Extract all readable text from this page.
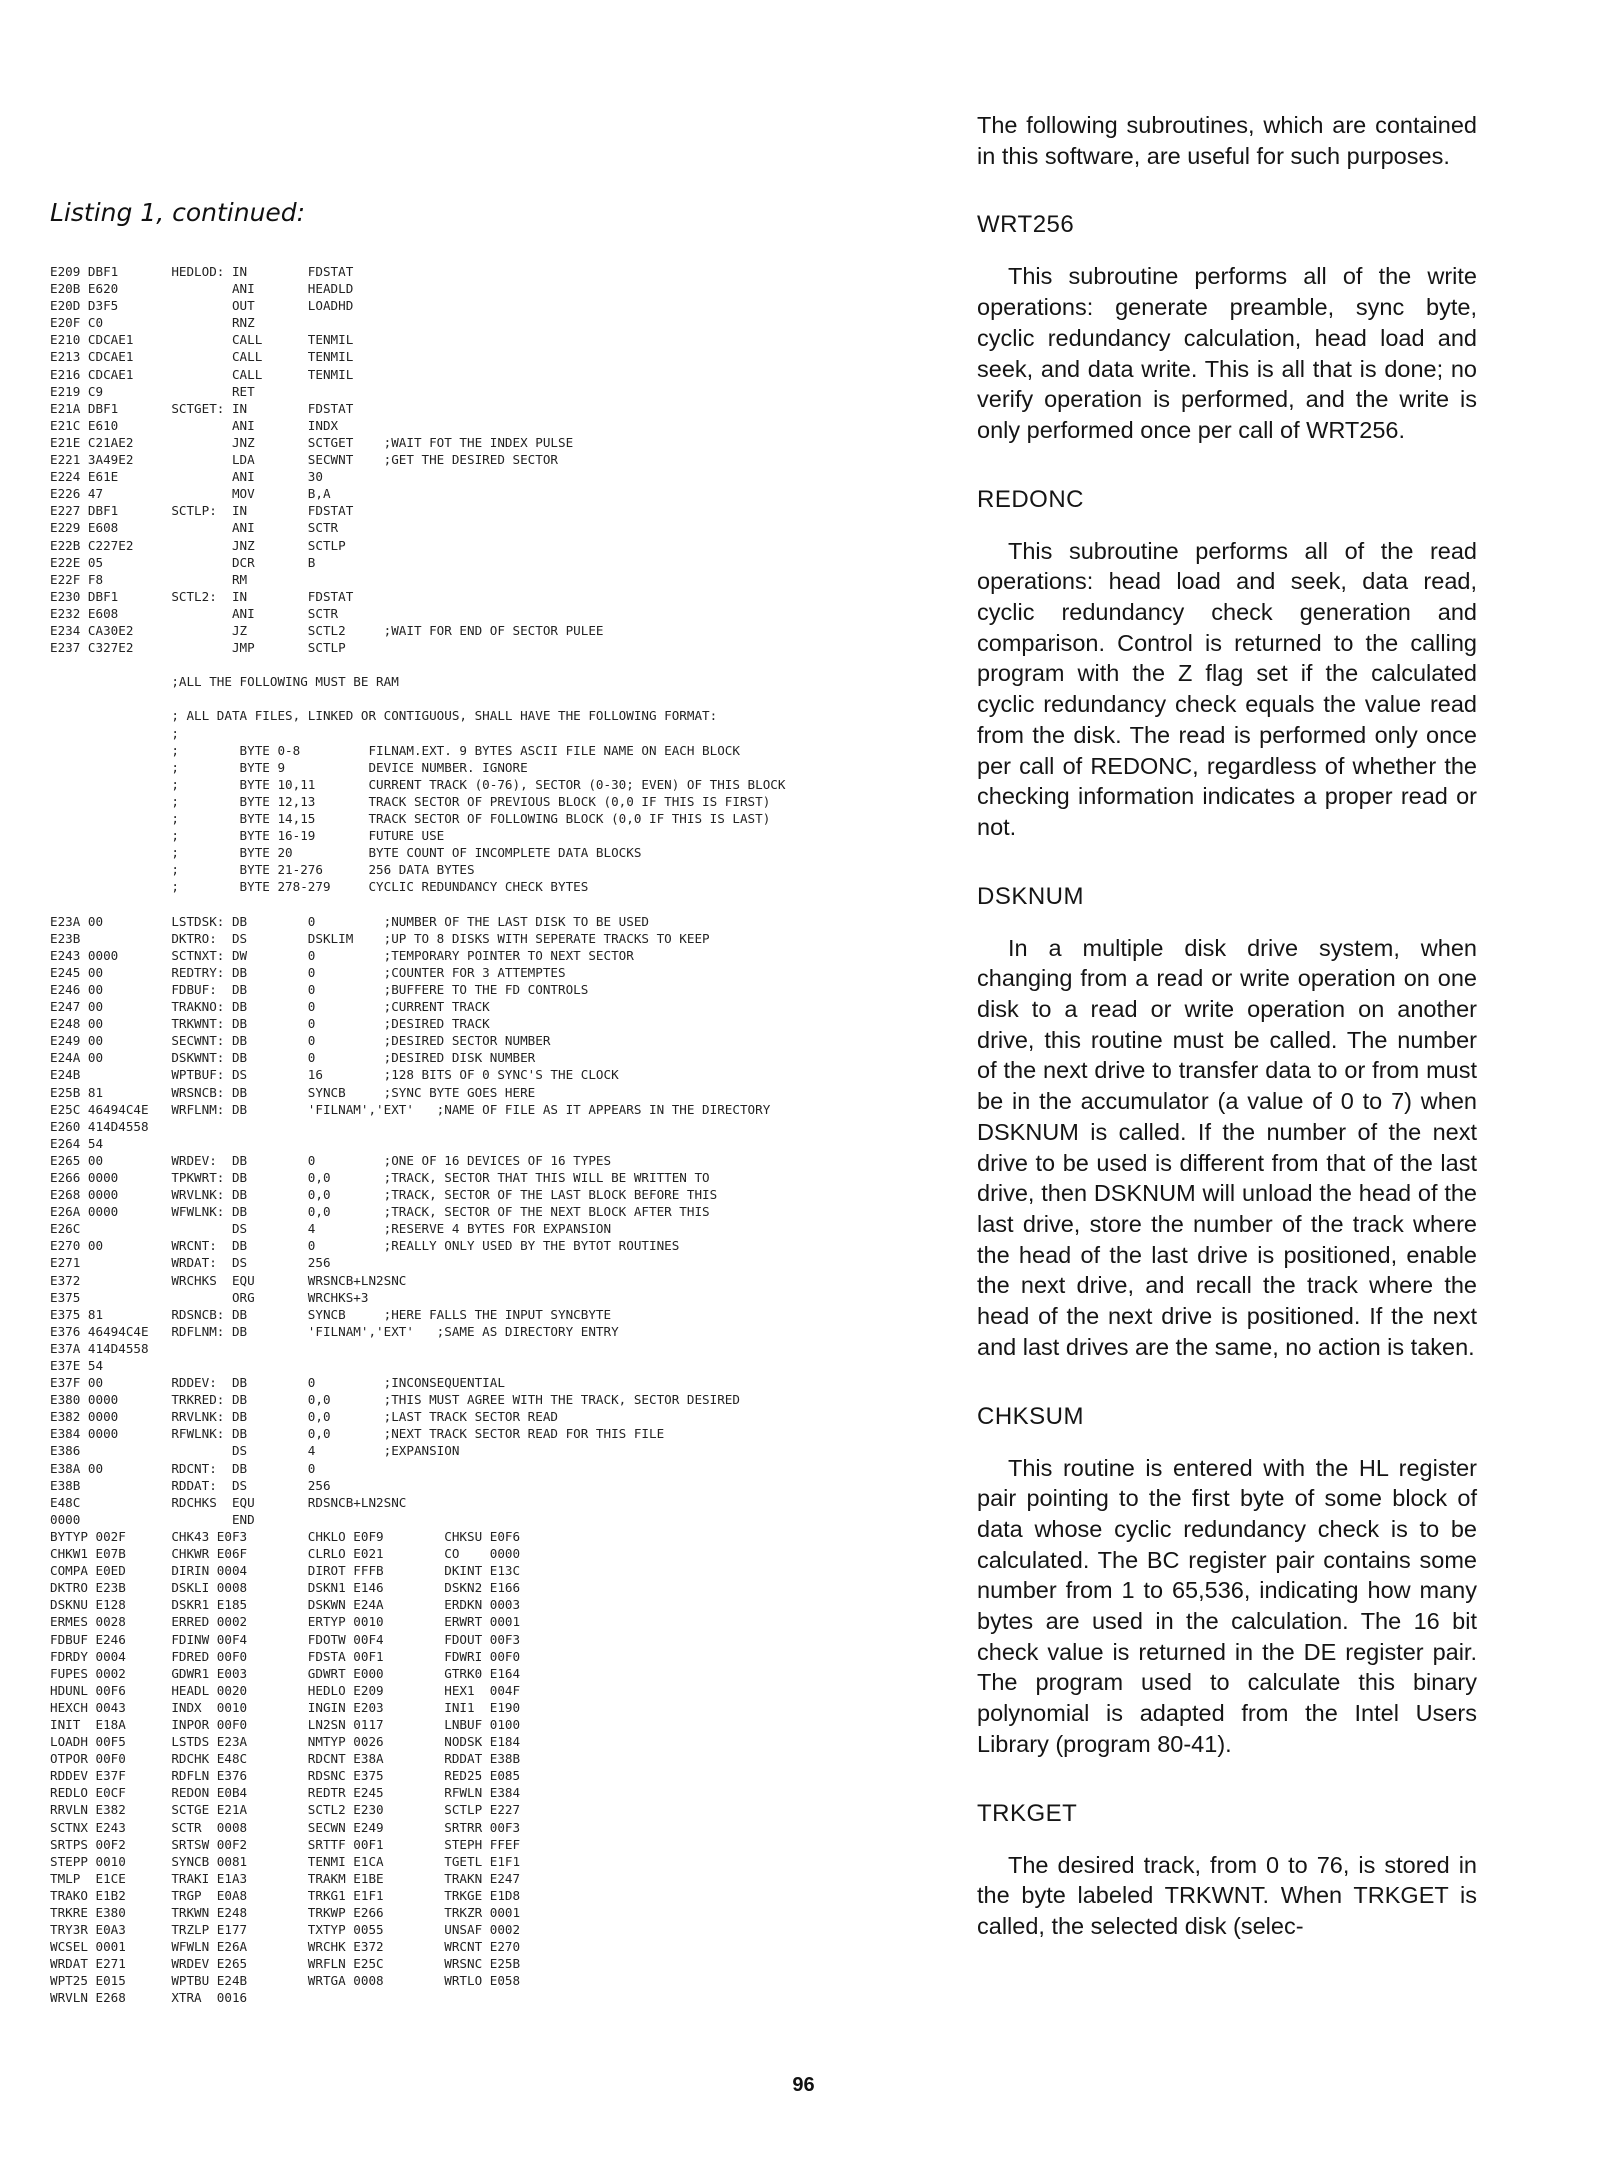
Listing 1, continued:
E209 DBF1       HEDLOD: IN        FDSTAT
E20B E620               ANI       HEADLD
E20D D3F5               OUT       LOADHD
E20F C0                 RNZ
E210 CDCAE1             CALL      TENMIL
E213 CDCAE1             CALL      TENMIL
E216 CDCAE1             CALL      TENMIL
E219 C9                 RET
E21A DBF1       SCTGET: IN        FDSTAT
E21C E610               ANI       INDX
E21E C21AE2             JNZ       SCTGET    ;WAIT FOT THE INDEX PULSE
E221 3A49E2             LDA       SECWNT    ;GET THE DESIRED SECTOR
E224 E61E               ANI       30
E226 47                 MOV       B,A
E227 DBF1       SCTLP:  IN        FDSTAT
E229 E608               ANI       SCTR
E22B C227E2             JNZ       SCTLP
E22E 05                 DCR       B
E22F F8                 RM
E230 DBF1       SCTL2:  IN        FDSTAT
E232 E608               ANI       SCTR
E234 CA30E2             JZ        SCTL2     ;WAIT FOR END OF SECTOR PULEE
E237 C327E2             JMP       SCTLP
;ALL THE FOLLOWING MUST BE RAM
; ALL DATA FILES, LINKED OR CONTIGUOUS, SHALL HAVE THE FOLLOWING FORMAT:
;
;        BYTE 0-8         FILNAM.EXT. 9 BYTES ASCII FILE NAME ON EACH BLOCK
;        BYTE 9           DEVICE NUMBER. IGNORE
;        BYTE 10,11       CURRENT TRACK (0-76), SECTOR (0-30; EVEN) OF THIS BLOCK
;        BYTE 12,13       TRACK SECTOR OF PREVIOUS BLOCK (0,0 IF THIS IS FIRST)
;        BYTE 14,15       TRACK SECTOR OF FOLLOWING BLOCK (0,0 IF THIS IS LAST)
;        BYTE 16-19       FUTURE USE
;        BYTE 20          BYTE COUNT OF INCOMPLETE DATA BLOCKS
;        BYTE 21-276      256 DATA BYTES
;        BYTE 278-279     CYCLIC REDUNDANCY CHECK BYTES
E23A 00         LSTDSK: DB        0         ;NUMBER OF THE LAST DISK TO BE USED
E23B            DKTRO:  DS        DSKLIM    ;UP TO 8 DISKS WITH SEPERATE TRACKS TO KEEP
E243 0000       SCTNXT: DW        0         ;TEMPORARY POINTER TO NEXT SECTOR
E245 00         REDTRY: DB        0         ;COUNTER FOR 3 ATTEMPTES
E246 00         FDBUF:  DB        0         ;BUFFERE TO THE FD CONTROLS
E247 00         TRAKNO: DB        0         ;CURRENT TRACK
E248 00         TRKWNT: DB        0         ;DESIRED TRACK
E249 00         SECWNT: DB        0         ;DESIRED SECTOR NUMBER
E24A 00         DSKWNT: DB        0         ;DESIRED DISK NUMBER
E24B            WPTBUF: DS        16        ;128 BITS OF 0 SYNC'S THE CLOCK
E25B 81         WRSNCB: DB        SYNCB     ;SYNC BYTE GOES HERE
E25C 46494C4E   WRFLNM: DB        'FILNAM','EXT'   ;NAME OF FILE AS IT APPEARS IN THE DIRECTORY
E260 414D4558
E264 54
E265 00         WRDEV:  DB        0         ;ONE OF 16 DEVICES OF 16 TYPES
E266 0000       TPKWRT: DB        0,0       ;TRACK, SECTOR THAT THIS WILL BE WRITTEN TO
E268 0000       WRVLNK: DB        0,0       ;TRACK, SECTOR OF THE LAST BLOCK BEFORE THIS
E26A 0000       WFWLNK: DB        0,0       ;TRACK, SECTOR OF THE NEXT BLOCK AFTER THIS
E26C                    DS        4         ;RESERVE 4 BYTES FOR EXPANSION
E270 00         WRCNT:  DB        0         ;REALLY ONLY USED BY THE BYTOT ROUTINES
E271            WRDAT:  DS        256
E372            WRCHKS  EQU       WRSNCB+LN2SNC
E375                    ORG       WRCHKS+3
E375 81         RDSNCB: DB        SYNCB     ;HERE FALLS THE INPUT SYNCBYTE
E376 46494C4E   RDFLNM: DB        'FILNAM','EXT'   ;SAME AS DIRECTORY ENTRY
E37A 414D4558
E37E 54
E37F 00         RDDEV:  DB        0         ;INCONSEQUENTIAL
E380 0000       TRKRED: DB        0,0       ;THIS MUST AGREE WITH THE TRACK, SECTOR DESIRED
E382 0000       RRVLNK: DB        0,0       ;LAST TRACK SECTOR READ
E384 0000       RFWLNK: DB        0,0       ;NEXT TRACK SECTOR READ FOR THIS FILE
E386                    DS        4         ;EXPANSION
E38A 00         RDCNT:  DB        0
E38B            RDDAT:  DS        256
E48C            RDCHKS  EQU       RDSNCB+LN2SNC
0000                    END
BYTYP 002F      CHK43 E0F3        CHKLO E0F9        CHKSU E0F6
CHKW1 E07B      CHKWR E06F        CLRLO E021        CO    0000
COMPA E0ED      DIRIN 0004        DIROT FFFB        DKINT E13C
DKTRO E23B      DSKLI 0008        DSKN1 E146        DSKN2 E166
DSKNU E128      DSKR1 E185        DSKWN E24A        ERDKN 0003
ERMES 0028      ERRED 0002        ERTYP 0010        ERWRT 0001
FDBUF E246      FDINW 00F4        FDOTW 00F4        FDOUT 00F3
FDRDY 0004      FDRED 00F0        FDSTA 00F1        FDWRI 00F0
FUPES 0002      GDWR1 E003        GDWRT E000        GTRK0 E164
HDUNL 00F6      HEADL 0020        HEDLO E209        HEX1  004F
HEXCH 0043      INDX  0010        INGIN E203        INI1  E190
INIT  E18A      INPOR 00F0        LN2SN 0117        LNBUF 0100
LOADH 00F5      LSTDS E23A        NMTYP 0026        NODSK E184
OTPOR 00F0      RDCHK E48C        RDCNT E38A        RDDAT E38B
RDDEV E37F      RDFLN E376        RDSNC E375        RED25 E085
REDLO E0CF      REDON E0B4        REDTR E245        RFWLN E384
RRVLN E382      SCTGE E21A        SCTL2 E230        SCTLP E227
SCTNX E243      SCTR  0008        SECWN E249        SRTRR 00F3
SRTPS 00F2      SRTSW 00F2        SRTTF 00F1        STEPH FFEF
STEPP 0010      SYNCB 0081        TENMI E1CA        TGETL E1F1
TMLP  E1CE      TRAKI E1A3        TRAKM E1BE        TRAKN E247
TRAKO E1B2      TRGP  E0A8        TRKG1 E1F1        TRKGE E1D8
TRKRE E380      TRKWN E248        TRKWP E266        TRKZR 0001
TRY3R E0A3      TRZLP E177        TXTYP 0055        UNSAF 0002
WCSEL 0001      WFWLN E26A        WRCHK E372        WRCNT E270
WRDAT E271      WRDEV E265        WRFLN E25C        WRSNC E25B
WPT25 E015      WPTBU E24B        WRTGA 0008        WRTLO E058
WRVLN E268      XTRA  0016

The following subroutines, which are contained in this software, are useful for such purposes.

WRT256

This subroutine performs all of the write operations: generate preamble, sync byte, cyclic redundancy calculation, head load and seek, and data write. This is all that is done; no verify operation is performed, and the write is only performed once per call of WRT256.

REDONC

This subroutine performs all of the read operations: head load and seek, data read, cyclic redundancy check generation and comparison. Control is returned to the calling program with the Z flag set if the calculated cyclic redundancy check equals the value read from the disk. The read is performed only once per call of REDONC, regardless of whether the checking information indicates a proper read or not.

DSKNUM

In a multiple disk drive system, when changing from a read or write operation on one disk to a read or write operation on another drive, this routine must be called. The number of the next drive to transfer data to or from must be in the accumulator (a value of 0 to 7) when DSKNUM is called. If the number of the next drive to be used is different from that of the last drive, then DSKNUM will unload the head of the last drive, store the number of the track where the head of the last drive is positioned, enable the next drive, and recall the track where the head of the next drive is positioned. If the next and last drives are the same, no action is taken.

CHKSUM

This routine is entered with the HL register pair pointing to the first byte of some block of data whose cyclic redundancy check is to be calculated. The BC register pair contains some number from 1 to 65,536, indicating how many bytes are used in the calculation. The 16 bit check value is returned in the DE register pair. The program used to calculate this binary polynomial is adapted from the Intel Users Library (program 80-41).

TRKGET

The desired track, from 0 to 76, is stored in the byte labeled TRKWNT. When TRKGET is called, the selected disk (selec-

96
